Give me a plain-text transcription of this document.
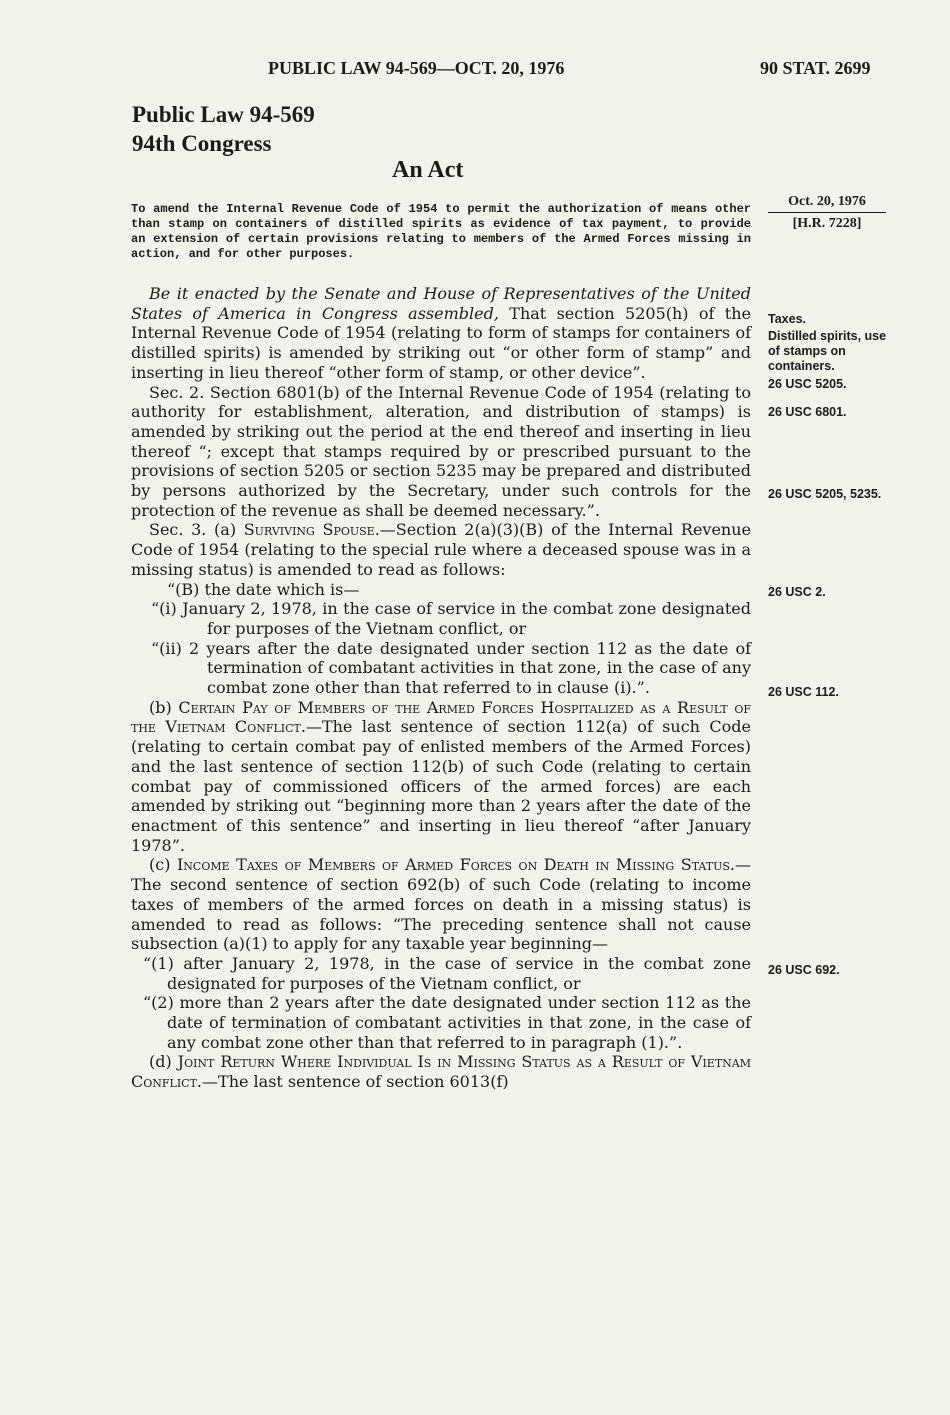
PUBLIC LAW 94-569—OCT. 20, 1976	90 STAT. 2699
Public Law 94-569
94th Congress
An Act
To amend the Internal Revenue Code of 1954 to permit the authorization of means other than stamp on containers of distilled spirits as evidence of tax payment, to provide an extension of certain provisions relating to members of the Armed Forces missing in action, and for other purposes.
Oct. 20, 1976
[H.R. 7228]

Be it enacted by the Senate and House of Representatives of the United States of America in Congress assembled, That section 5205(h) of the Internal Revenue Code of 1954 (relating to form of stamps for containers of distilled spirits) is amended by striking out “or other form of stamp” and inserting in lieu thereof “other form of stamp, or other device”.

Sec. 2. Section 6801(b) of the Internal Revenue Code of 1954 (relating to authority for establishment, alteration, and distribution of stamps) is amended by striking out the period at the end thereof and inserting in lieu thereof “; except that stamps required by or prescribed pursuant to the provisions of section 5205 or section 5235 may be prepared and distributed by persons authorized by the Secretary, under such controls for the protection of the revenue as shall be deemed necessary.”.

Sec. 3. (a) Surviving Spouse.—Section 2(a)(3)(B) of the Internal Revenue Code of 1954 (relating to the special rule where a deceased spouse was in a missing status) is amended to read as follows:

“(B) the date which is—

“(i) January 2, 1978, in the case of service in the combat zone designated for purposes of the Vietnam conflict, or

“(ii) 2 years after the date designated under section 112 as the date of termination of combatant activities in that zone, in the case of any combat zone other than that referred to in clause (i).”.

(b) Certain Pay of Members of the Armed Forces Hospitalized as a Result of the Vietnam Conflict.—The last sentence of section 112(a) of such Code (relating to certain combat pay of enlisted members of the Armed Forces) and the last sentence of section 112(b) of such Code (relating to certain combat pay of commissioned officers of the armed forces) are each amended by striking out “beginning more than 2 years after the date of the enactment of this sentence” and inserting in lieu thereof “after January 1978”.

(c) Income Taxes of Members of Armed Forces on Death in Missing Status.—The second sentence of section 692(b) of such Code (relating to income taxes of members of the armed forces on death in a missing status) is amended to read as follows: “The preceding sentence shall not cause subsection (a)(1) to apply for any taxable year beginning—

“(1) after January 2, 1978, in the case of service in the combat zone designated for purposes of the Vietnam conflict, or

“(2) more than 2 years after the date designated under section 112 as the date of termination of combatant activities in that zone, in the case of any combat zone other than that referred to in paragraph (1).”.

(d) Joint Return Where Individual Is in Missing Status as a Result of Vietnam Conflict.—The last sentence of section 6013(f)

Taxes.
Distilled spirits, use of stamps on containers.
26 USC 5205.
26 USC 6801.
26 USC 5205, 5235.
26 USC 2.
26 USC 112.
26 USC 692.
